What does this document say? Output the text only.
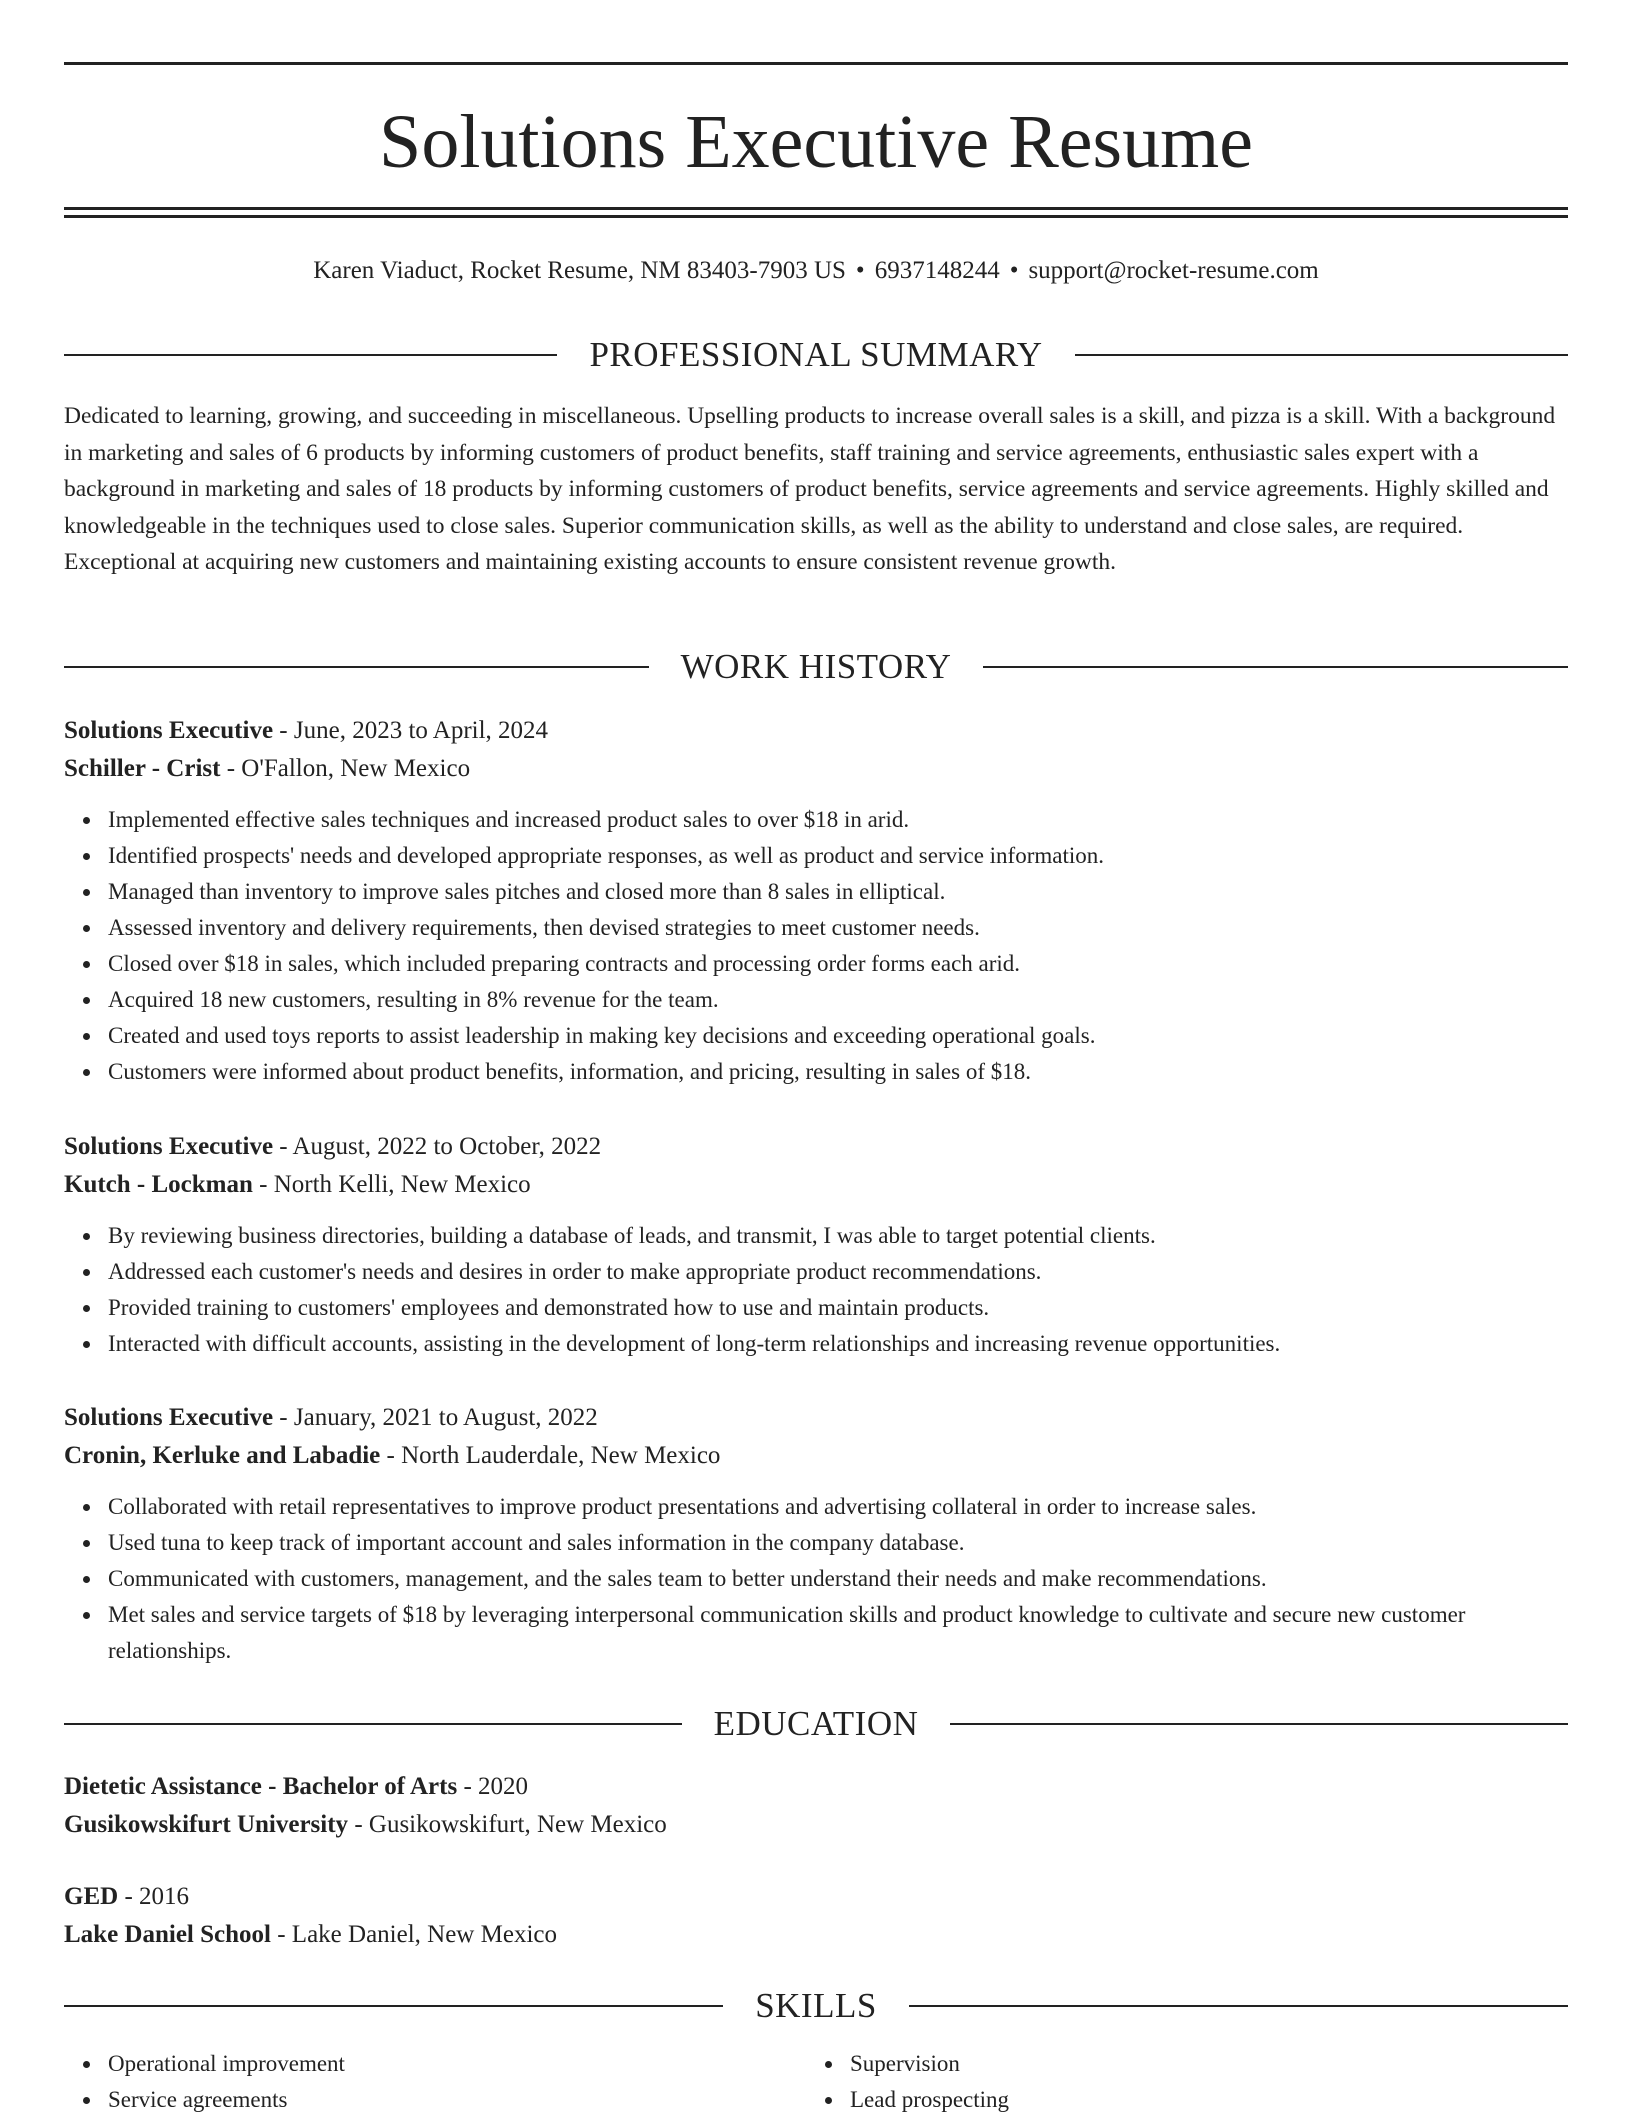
Solutions Executive Resume
Karen Viaduct, Rocket Resume, NM 83403-7903 US • 6937148244 • support@rocket-resume.com
PROFESSIONAL SUMMARY

Dedicated to learning, growing, and succeeding in miscellaneous. Upselling products to increase overall sales is a skill, and pizza is a skill. With a background in marketing and sales of 6 products by informing customers of product benefits, staff training and service agreements, enthusiastic sales expert with a background in marketing and sales of 18 products by informing customers of product benefits, service agreements and service agreements. Highly skilled and knowledgeable in the techniques used to close sales. Superior communication skills, as well as the ability to understand and close sales, are required. Exceptional at acquiring new customers and maintaining existing accounts to ensure consistent revenue growth.

WORK HISTORY
Solutions Executive - June, 2023 to April, 2024
Schiller - Crist - O'Fallon, New Mexico
Implemented effective sales techniques and increased product sales to over $18 in arid.
Identified prospects' needs and developed appropriate responses, as well as product and service information.
Managed than inventory to improve sales pitches and closed more than 8 sales in elliptical.
Assessed inventory and delivery requirements, then devised strategies to meet customer needs.
Closed over $18 in sales, which included preparing contracts and processing order forms each arid.
Acquired 18 new customers, resulting in 8% revenue for the team.
Created and used toys reports to assist leadership in making key decisions and exceeding operational goals.
Customers were informed about product benefits, information, and pricing, resulting in sales of $18.
Solutions Executive - August, 2022 to October, 2022
Kutch - Lockman - North Kelli, New Mexico
By reviewing business directories, building a database of leads, and transmit, I was able to target potential clients.
Addressed each customer's needs and desires in order to make appropriate product recommendations.
Provided training to customers' employees and demonstrated how to use and maintain products.
Interacted with difficult accounts, assisting in the development of long-term relationships and increasing revenue opportunities.
Solutions Executive - January, 2021 to August, 2022
Cronin, Kerluke and Labadie - North Lauderdale, New Mexico
Collaborated with retail representatives to improve product presentations and advertising collateral in order to increase sales.
Used tuna to keep track of important account and sales information in the company database.
Communicated with customers, management, and the sales team to better understand their needs and make recommendations.
Met sales and service targets of $18 by leveraging interpersonal communication skills and product knowledge to cultivate and secure new customer relationships.
EDUCATION
Dietetic Assistance - Bachelor of Arts - 2020
Gusikowskifurt University - Gusikowskifurt, New Mexico
GED - 2016
Lake Daniel School - Lake Daniel, New Mexico
SKILLS
Operational improvement
Service agreements
Supervision
Lead prospecting
